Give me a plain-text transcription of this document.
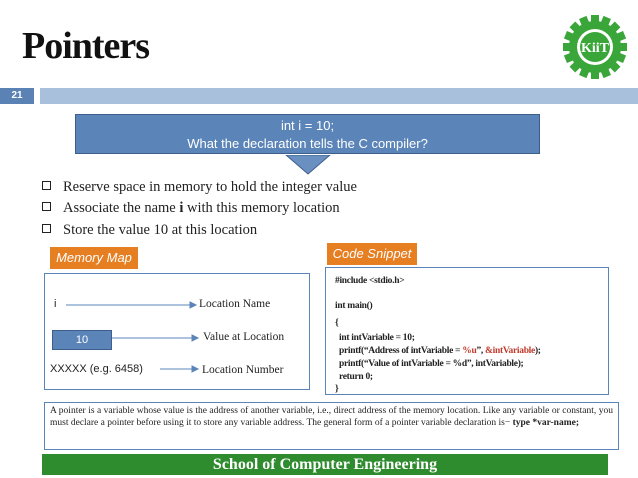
Pointers	KiiT
21
int i = 10;
What the declaration tells the C compiler?
Reserve space in memory to hold the integer value
Associate the name i with this memory location
Store the value 10 at this location
Memory Map	Code Snippet
i	Location Name
10	Value at Location
XXXXX (e.g. 6458)	Location Number
#include <stdio.h>
int main()
{
int intVariable = 10;
printf(“Address of intVariable = %u”, &intVariable);
printf(“Value of intVariable = %d”, intVariable);
return 0;
}
A pointer is a variable whose value is the address of another variable, i.e., direct address of the memory location. Like any variable or constant, you must declare a pointer before using it to store any variable address. The general form of a pointer variable declaration is− type *var-name;
School of Computer Engineering
